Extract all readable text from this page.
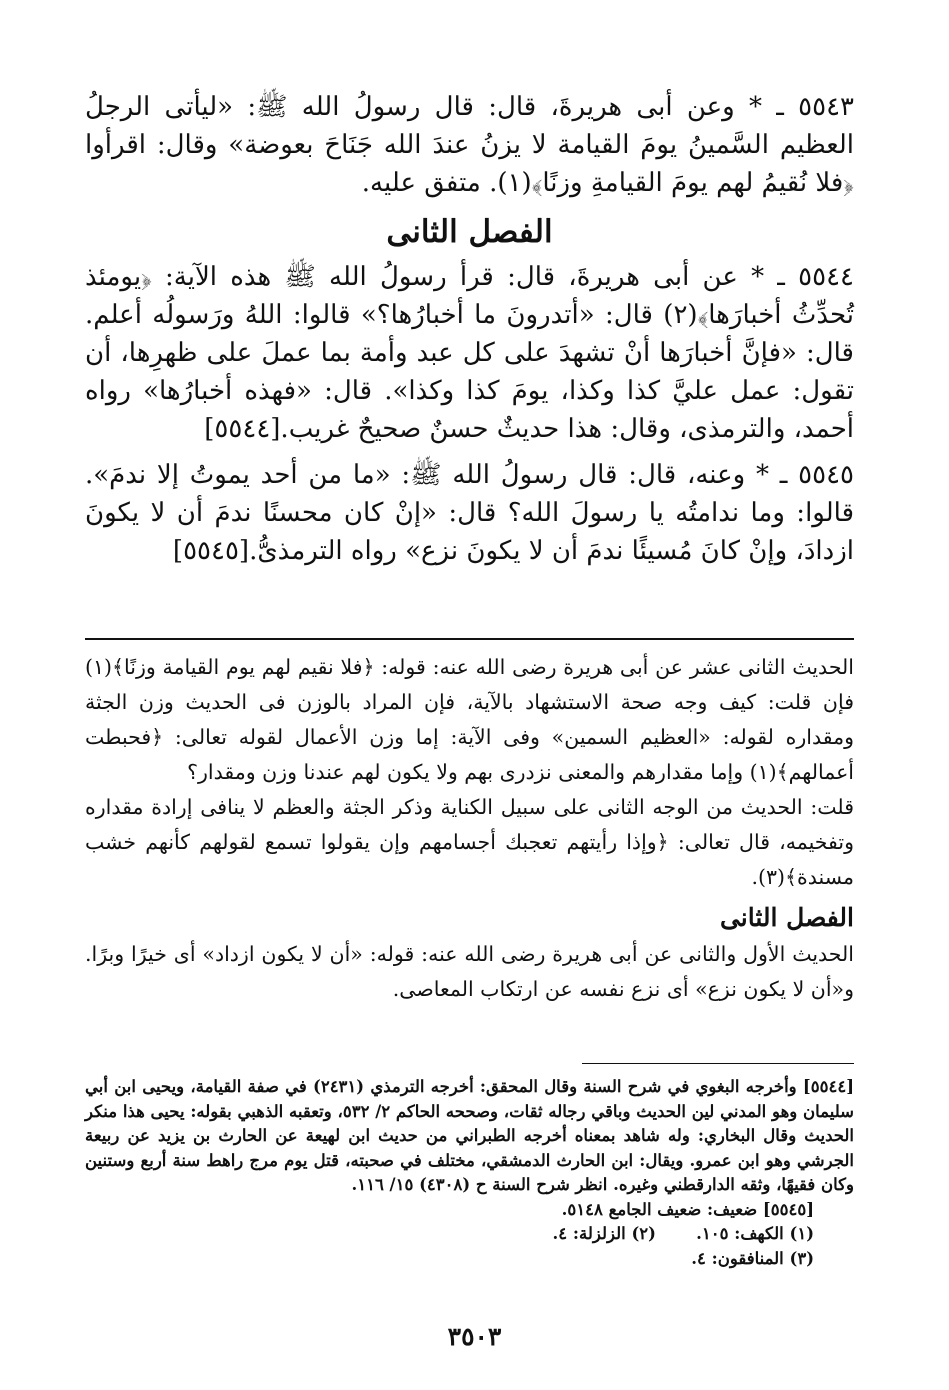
٥٥٤٣ ـ * وعن أبى هريرةَ، قال: قال رسولُ الله ﷺ: «ليأتى الرجلُ العظيم السَّمينُ يومَ القيامة لا يزنُ عندَ الله جَنَاحَ بعوضة» وقال: اقرأوا ﴿فلا نُقيمُ لهم يومَ القيامةِ وزنًا﴾(١). متفق عليه.

الفصل الثانى

٥٥٤٤ ـ * عن أبى هريرةَ، قال: قرأ رسولُ الله ﷺ هذه الآية: ﴿يومئذ تُحدِّثُ أخبارَها﴾(٢) قال: «أتدرونَ ما أخبارُها؟» قالوا: اللهُ ورَسولُه أعلم. قال: «فإنَّ أخبارَها أنْ تشهدَ على كل عبد وأمة بما عملَ على ظهرِها، أن تقول: عمل عليَّ كذا وكذا، يومَ كذا وكذا». قال: «فهذه أخبارُها» رواه أحمد، والترمذى، وقال: هذا حديثٌ حسنٌ صحيحٌ غريب.[٥٥٤٤]

٥٥٤٥ ـ * وعنه، قال: قال رسولُ الله ﷺ: «ما من أحد يموتُ إلا ندمَ». قالوا: وما ندامتُه يا رسولَ الله؟ قال: «إنْ كان محسنًا ندمَ أن لا يكونَ ازدادَ، وإنْ كانَ مُسيئًا ندمَ أن لا يكونَ نزع» رواه الترمذىُّ.[٥٥٤٥]

الحديث الثانى عشر عن أبى هريرة رضى الله عنه: قوله: ﴿فلا نقيم لهم يوم القيامة وزنًا﴾(١) فإن قلت: كيف وجه صحة الاستشهاد بالآية، فإن المراد بالوزن فى الحديث وزن الجثة ومقداره لقوله: «العظيم السمين» وفى الآية: إما وزن الأعمال لقوله تعالى: ﴿فحبطت أعمالهم﴾(١) وإما مقدارهم والمعنى نزدرى بهم ولا يكون لهم عندنا وزن ومقدار؟

قلت: الحديث من الوجه الثانى على سبيل الكناية وذكر الجثة والعظم لا ينافى إرادة مقداره وتفخيمه، قال تعالى: ﴿وإذا رأيتهم تعجبك أجسامهم وإن يقولوا تسمع لقولهم كأنهم خشب مسندة﴾(٣).

الفصل الثانى

الحديث الأول والثانى عن أبى هريرة رضى الله عنه: قوله: «أن لا يكون ازداد» أى خيرًا وبرًا. و«أن لا يكون نزع» أى نزع نفسه عن ارتكاب المعاصى.

[٥٥٤٤] وأخرجه البغوي في شرح السنة وقال المحقق: أخرجه الترمذي (٢٤٣١) في صفة القيامة، ويحيى ابن أبي سليمان وهو المدني لين الحديث وباقي رجاله ثقات، وصححه الحاكم ٢/ ٥٣٢، وتعقبه الذهبي بقوله: يحيى هذا منكر الحديث وقال البخاري: وله شاهد بمعناه أخرجه الطبراني من حديث ابن لهيعة عن الحارث بن يزيد عن ربيعة الجرشي وهو ابن عمرو. ويقال: ابن الحارث الدمشقي، مختلف في صحبته، قتل يوم مرج راهط سنة أربع وستنين وكان فقيهًا، وثقه الدارقطني وغيره. انظر شرح السنة ح (٤٣٠٨) ١٥/ ١١٦.

[٥٥٤٥] ضعيف: ضعيف الجامع ٥١٤٨.

(١) الكهف: ١٠٥.       (٢) الزلزلة: ٤.

(٣) المنافقون: ٤.

٣٥٠٣
